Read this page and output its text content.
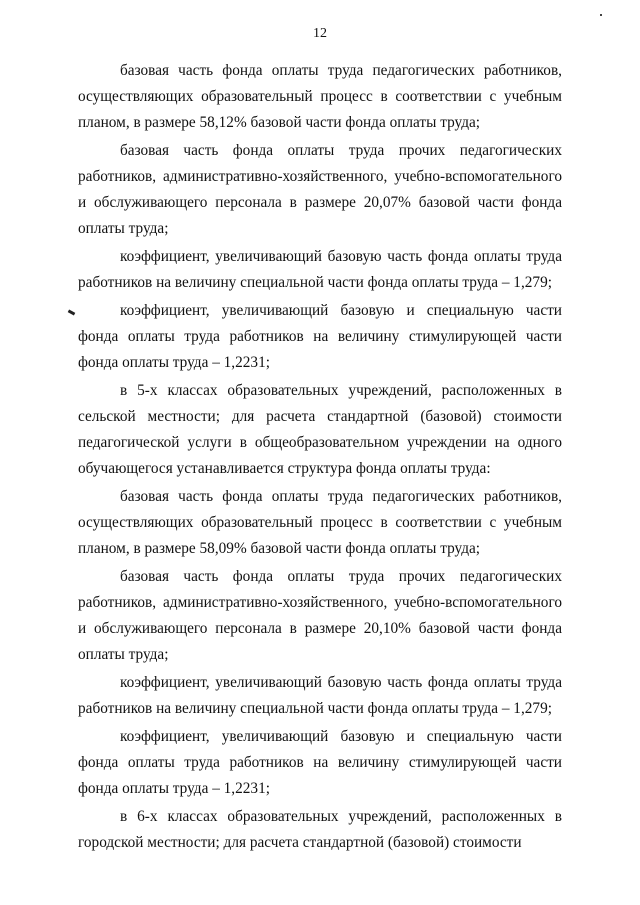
12

базовая часть фонда оплаты труда педагогических работников, осуществляющих образовательный процесс в соответствии с учебным планом, в размере 58,12% базовой части фонда оплаты труда;

базовая часть фонда оплаты труда прочих педагогических работников, административно-хозяйственного, учебно-вспомогательного и обслуживающего персонала в размере 20,07% базовой части фонда оплаты труда;

коэффициент, увеличивающий базовую часть фонда оплаты труда работников на величину специальной части фонда оплаты труда – 1,279;

коэффициент, увеличивающий базовую и специальную части фонда оплаты труда работников на величину стимулирующей части фонда оплаты труда – 1,2231;

в 5-х классах образовательных учреждений, расположенных в сельской местности; для расчета стандартной (базовой) стоимости педагогической услуги в общеобразовательном учреждении на одного обучающегося устанавливается структура фонда оплаты труда:

базовая часть фонда оплаты труда педагогических работников, осуществляющих образовательный процесс в соответствии с учебным планом, в размере 58,09% базовой части фонда оплаты труда;

базовая часть фонда оплаты труда прочих педагогических работников, административно-хозяйственного, учебно-вспомогательного и обслуживающего персонала в размере 20,10% базовой части фонда оплаты труда;

коэффициент, увеличивающий базовую часть фонда оплаты труда работников на величину специальной части фонда оплаты труда – 1,279;

коэффициент, увеличивающий базовую и специальную части фонда оплаты труда работников на величину стимулирующей части фонда оплаты труда – 1,2231;

в 6-х классах образовательных учреждений, расположенных в городской местности; для расчета стандартной (базовой) стоимости
